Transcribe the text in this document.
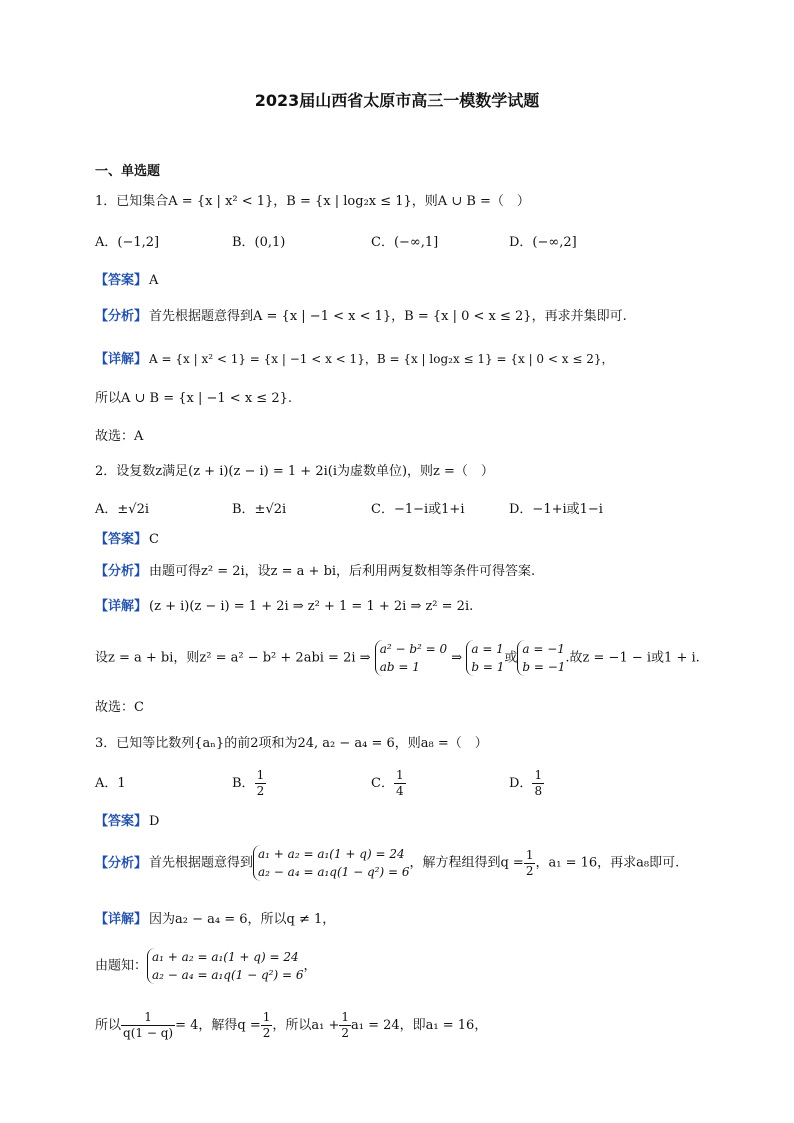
2023届山西省太原市高三一模数学试题
一、单选题
1．已知集合A = {x | x² < 1}，B = {x | log₂x ≤ 1}，则A ∪ B =（　）
A．(−1,2]	B．(0,1)	C．(−∞,1]	D．(−∞,2]
【答案】 A
【分析】 首先根据题意得到A = {x | −1 < x < 1}，B = {x | 0 < x ≤ 2}，再求并集即可.
【详解】 A = {x | x² < 1} = {x | −1 < x < 1}，B = {x | log₂x ≤ 1} = {x | 0 < x ≤ 2}，
所以A ∪ B = {x | −1 < x ≤ 2}.
故选：A
2．设复数z满足(z + i)(z − i) = 1 + 2i(i为虚数单位)，则z =（　）
A．±√2i	B．±√2i	C．−1−i或1+i	D．−1+i或1−i
【答案】 C
【分析】 由题可得z² = 2i，设z = a + bi，后利用两复数相等条件可得答案.
【详解】 (z + i)(z − i) = 1 + 2i ⇒ z² + 1 = 1 + 2i ⇒ z² = 2i.
设z = a + bi，则z² = a² − b² + 2abi = 2i ⇒
a² − b² = 0
ab = 1
⇒
a = 1
b = 1
或
a = −1
b = −1
.故z = −1 − i或1 + i.
故选：C
3．已知等比数列{aₙ}的前2项和为24, a₂ − a₄ = 6，则a₈ =（　）
A．1	B． $\frac{1}{2}$	C． $\frac{1}{4}$	D． $\frac{1}{8}$
【答案】 D
【分析】 首先根据题意得到
a₁ + a₂ = a₁(1 + q) = 24
a₂ − a₄ = a₁q(1 − q²) = 6
，解方程组得到$q = \frac{1}{2}$ ，a₁ = 16，再求a₈即可.
【详解】 因为a₂ − a₄ = 6，所以q ≠ 1，
由题知：
a₁ + a₂ = a₁(1 + q) = 24
a₂ − a₄ = a₁q(1 − q²) = 6
，
所以 $\frac{1}{q(1 - q)} = 4$，解得$q = \frac{1}{2}$ ，所以$a_1 + \frac{1}{2} a_1 = 24$，即a₁ = 16，
